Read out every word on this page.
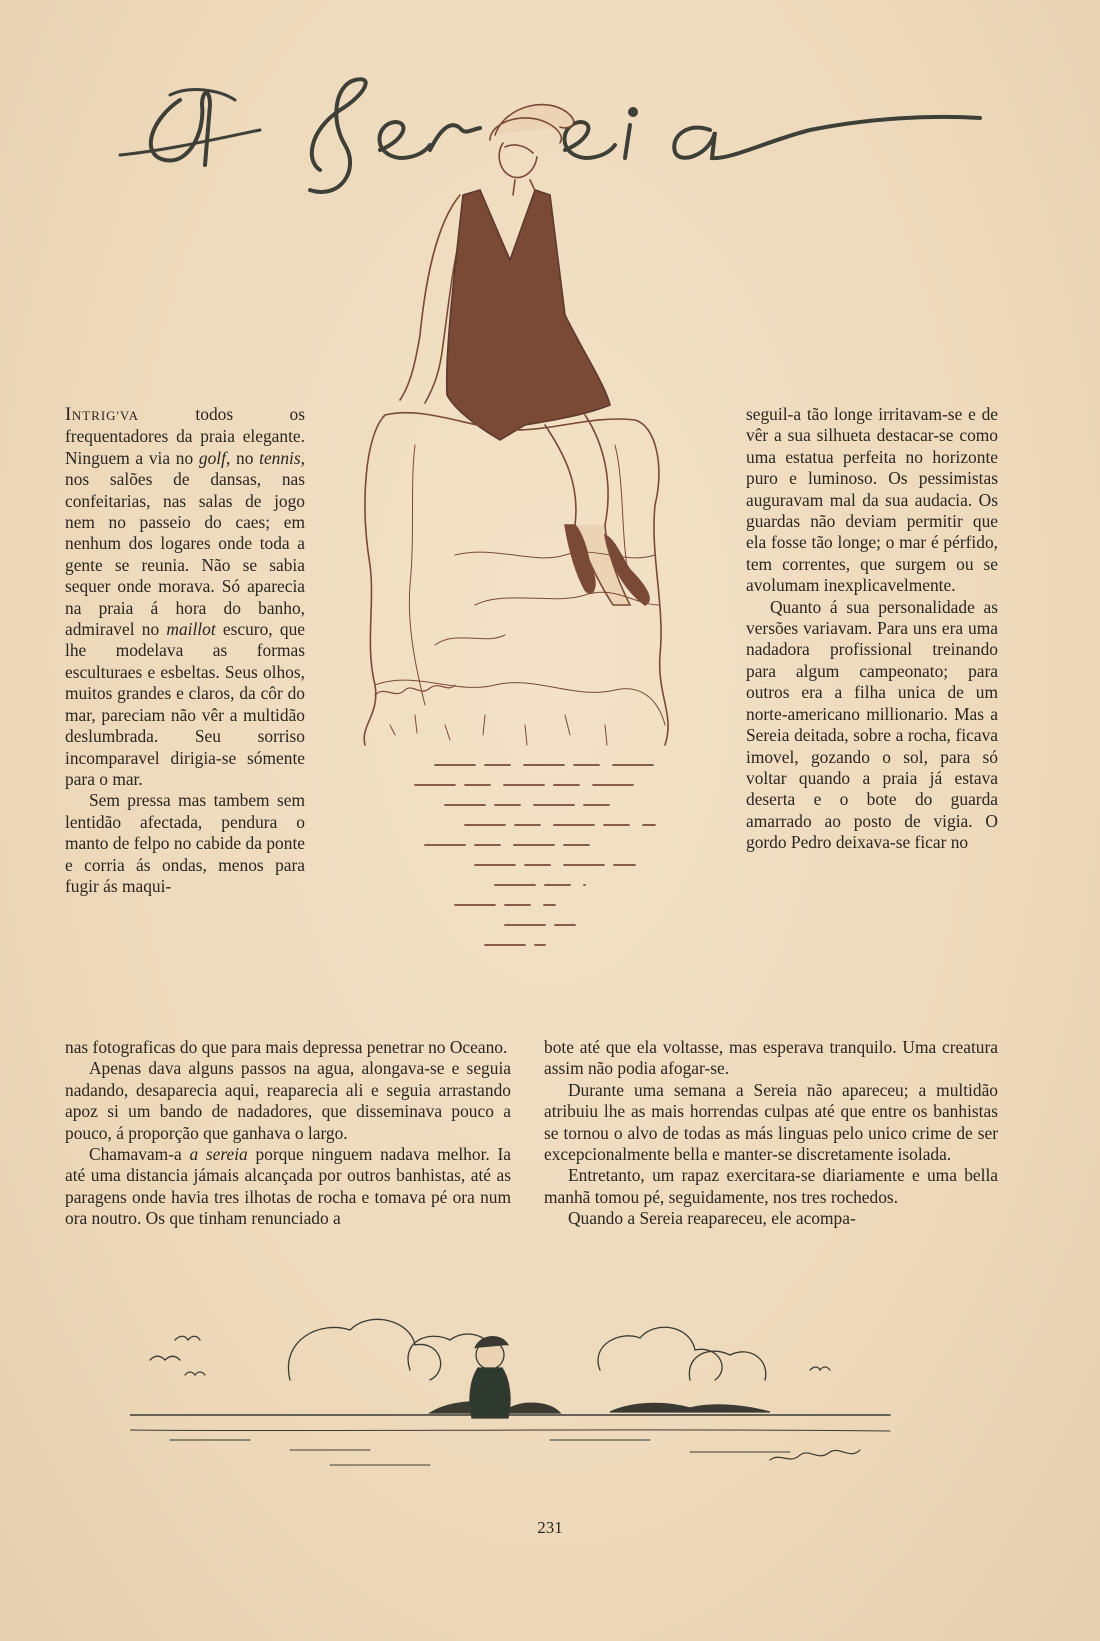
INTRIG'VA todos os frequentadores da praia elegante. Ninguem a via no golf, no tennis, nos salões de dansas, nas confeitarias, nas salas de jogo nem no passeio do caes; em nenhum dos logares onde toda a gente se reunia. Não se sabia sequer onde morava. Só aparecia na praia á hora do banho, admiravel no maillot escuro, que lhe modelava as formas esculturaes e esbeltas. Seus olhos, muitos grandes e claros, da côr do mar, pareciam não vêr a multidão deslumbrada. Seu sorriso incomparavel dirigia-se sómente para o mar.

Sem pressa mas tambem sem lentidão afectada, pendura o manto de felpo no cabide da ponte e corria ás ondas, menos para fugir ás maqui-

nas fotograficas do que para mais depressa penetrar no Oceano.

Apenas dava alguns passos na agua, alongava-se e seguia nadando, desaparecia aqui, reaparecia ali e seguia arrastando apoz si um bando de nadadores, que disseminava pouco a pouco, á proporção que ganhava o largo.

Chamavam-a a sereia porque ninguem nadava melhor. Ia até uma distancia jámais alcançada por outros banhistas, até as paragens onde havia tres ilhotas de rocha e tomava pé ora num ora noutro. Os que tinham renunciado a

seguil-a tão longe irritavam-se e de vêr a sua silhueta destacar-se como uma estatua perfeita no horizonte puro e luminoso. Os pessimistas auguravam mal da sua audacia. Os guardas não deviam permitir que ela fosse tão longe; o mar é pérfido, tem correntes, que surgem ou se avolumam inexplicavelmente.

Quanto á sua personalidade as versões variavam. Para uns era uma nadadora profissional treinando para algum campeonato; para outros era a filha unica de um norte-americano millionario. Mas a Sereia deitada, sobre a rocha, ficava imovel, gozando o sol, para só voltar quando a praia já estava deserta e o bote do guarda amarrado ao posto de vigia. O gordo Pedro deixava-se ficar no

bote até que ela voltasse, mas esperava tranquilo. Uma creatura assim não podia afogar-se.

Durante uma semana a Sereia não apareceu; a multidão atribuiu lhe as mais horrendas culpas até que entre os banhistas se tornou o alvo de todas as más linguas pelo unico crime de ser excepcionalmente bella e manter-se discretamente isolada.

Entretanto, um rapaz exercitara-se diariamente e uma bella manhã tomou pé, seguidamente, nos tres rochedos.

Quando a Sereia reapareceu, ele acompa-

231
